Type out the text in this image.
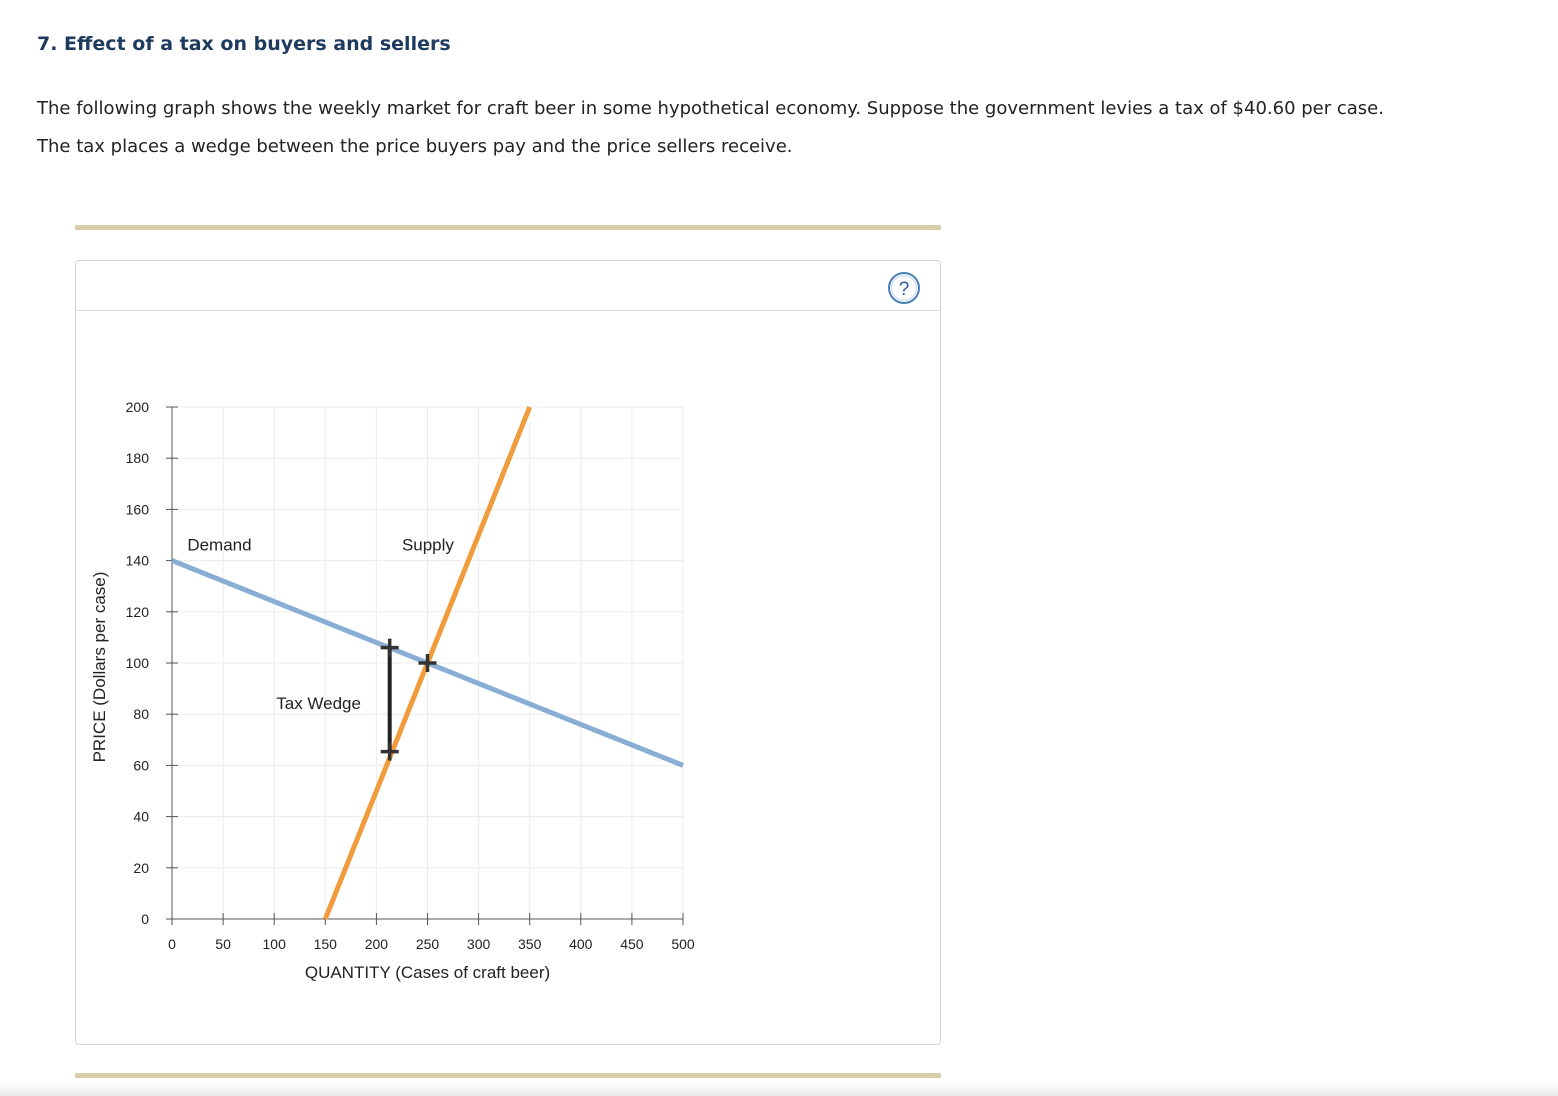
7. Effect of a tax on buyers and sellers
The following graph shows the weekly market for craft beer in some hypothetical economy. Suppose the government levies a tax of $40.60 per case.
The tax places a wedge between the price buyers pay and the price sellers receive.
?
0
20
40
60
80
100
120
140
160
180
200
0	50 100 150 200 250 300 350 400 450 500
QUANTITY (Cases of craft beer)
PRICE (Dollars per case)
Demand	Supply
Tax Wedge
